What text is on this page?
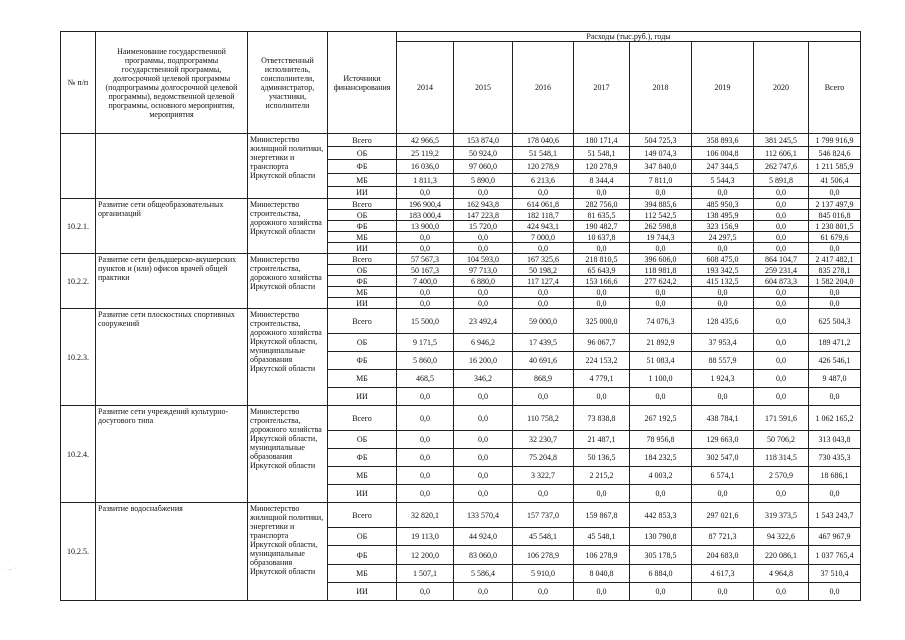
№ п/п	Наименование государственной программы, подпрограммы государственной программы, долгосрочной целевой программы (подпрограммы долгосрочной целевой программы), ведомственной целевой программы, основного мероприятия, мероприятия	Ответственный исполнитель, соисполнители, администратор, участники, исполнители	Источники финансирования	Расходы (тыс.руб.), годы							
				2014	2015	2016	2017	2018	2019	2020	Всего
		Министерство жилищной политики, энергетики и транспорта Иркутской области	Всего	42 966,5	153 874,0	178 040,6	180 171,4	504 725,3	358 893,6	381 245,5	1 799 916,9
			ОБ	25 119,2	50 924,0	51 548,1	51 548,1	149 074,3	106 004,8	112 606,1	546 824,6
			ФБ	16 036,0	97 060,0	120 278,9	120 278,9	347 840,0	247 344,5	262 747,6	1 211 585,9
			МБ	1 811,3	5 890,0	6 213,6	8 344,4	7 811,0	5 544,3	5 891,8	41 506,4
			ИИ	0,0	0,0	0,0	0,0	0,0	0,0	0,0	0,0
10.2.1.	Развитие сети общеобразовательных организаций	Министерство строительства, дорожного хозяйства Иркутской области	Всего	196 900,4	162 943,8	614 061,8	282 756,0	394 885,6	485 950,3	0,0	2 137 497,9
			ОБ	183 000,4	147 223,8	182 118,7	81 635,5	112 542,5	138 495,9	0,0	845 016,8
			ФБ	13 900,0	15 720,0	424 943,1	190 482,7	262 598,8	323 156,9	0,0	1 230 801,5
			МБ	0,0	0,0	7 000,0	10 637,8	19 744,3	24 297,5	0,0	61 679,6
			ИИ	0,0	0,0	0,0	0,0	0,0	0,0	0,0	0,0
10.2.2.	Развитие сети фельдшерско-акушерских пунктов и (или) офисов врачей общей практики	Министерство строительства, дорожного хозяйства Иркутской области	Всего	57 567,3	104 593,0	167 325,6	218 810,5	396 606,0	608 475,0	864 104,7	2 417 482,1
			ОБ	50 167,3	97 713,0	50 198,2	65 643,9	118 981,8	193 342,5	259 231,4	835 278,1
			ФБ	7 400,0	6 880,0	117 127,4	153 166,6	277 624,2	415 132,5	604 873,3	1 582 204,0
			МБ	0,0	0,0	0,0	0,0	0,0	0,0	0,0	0,0
			ИИ	0,0	0,0	0,0	0,0	0,0	0,0	0,0	0,0
10.2.3.	Развитие сети плоскостных спортивных сооружений	Министерство строительства, дорожного хозяйства Иркутской области, муниципальные образования Иркутской области	Всего	15 500,0	23 492,4	59 000,0	325 000,0	74 076,3	128 435,6	0,0	625 504,3
			ОБ	9 171,5	6 946,2	17 439,5	96 067,7	21 892,9	37 953,4	0,0	189 471,2
			ФБ	5 860,0	16 200,0	40 691,6	224 153,2	51 083,4	88 557,9	0,0	426 546,1
			МБ	468,5	346,2	868,9	4 779,1	1 100,0	1 924,3	0,0	9 487,0
			ИИ	0,0	0,0	0,0	0,0	0,0	0,0	0,0	0,0
10.2.4.	Развитие сети учреждений культурно-досугового типа	Министерство строительства, дорожного хозяйства Иркутской области, муниципальные образования Иркутской области	Всего	0,0	0,0	110 758,2	73 838,8	267 192,5	438 784,1	171 591,6	1 062 165,2
			ОБ	0,0	0,0	32 230,7	21 487,1	78 956,8	129 663,0	50 706,2	313 043,8
			ФБ	0,0	0,0	75 204,8	50 136,5	184 232,5	302 547,0	118 314,5	730 435,3
			МБ	0,0	0,0	3 322,7	2 215,2	4 003,2	6 574,1	2 570,9	18 686,1
			ИИ	0,0	0,0	0,0	0,0	0,0	0,0	0,0	0,0
10.2.5.	Развитие водоснабжения	Министерство жилищной политики, энергетики и транспорта Иркутской области, муниципальные образования Иркутской области	Всего	32 820,1	133 570,4	157 737,0	159 867,8	442 853,3	297 021,6	319 373,5	1 543 243,7
			ОБ	19 113,0	44 924,0	45 548,1	45 548,1	130 790,8	87 721,3	94 322,6	467 967,9
			ФБ	12 200,0	83 060,0	106 278,9	106 278,9	305 178,5	204 683,0	220 086,1	1 037 765,4
			МБ	1 507,1	5 586,4	5 910,0	8 040,8	6 884,0	4 617,3	4 964,8	37 510,4
			ИИ	0,0	0,0	0,0	0,0	0,0	0,0	0,0	0,0
· .. ·
